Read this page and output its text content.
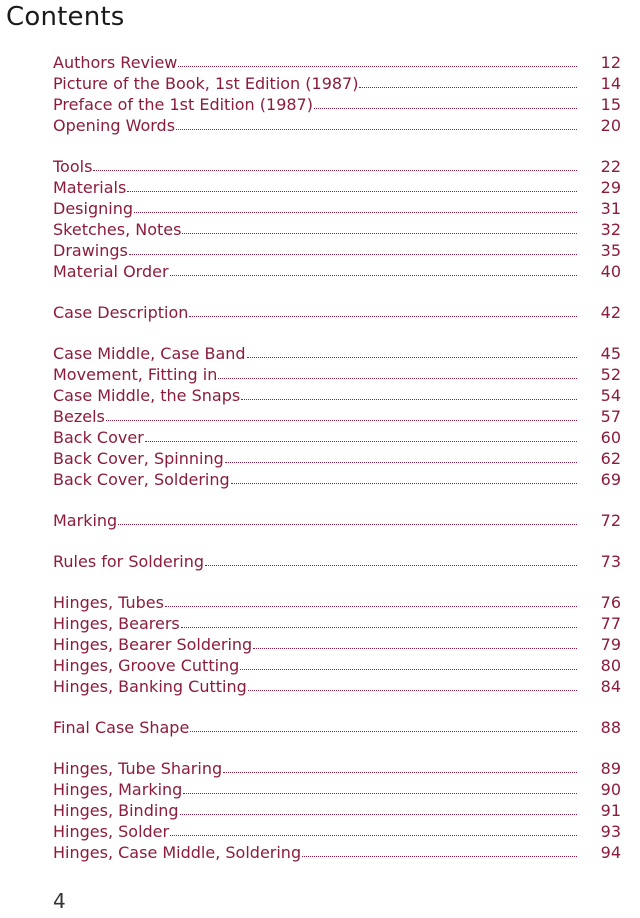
Contents
Authors Review	12
Picture of the Book, 1st Edition (1987)	14
Preface of the 1st Edition (1987)	15
Opening Words	20
Tools	22
Materials	29
Designing	31
Sketches, Notes	32
Drawings	35
Material Order	40
Case Description	42
Case Middle, Case Band	45
Movement, Fitting in	52
Case Middle, the Snaps	54
Bezels	57
Back Cover	60
Back Cover, Spinning	62
Back Cover, Soldering	69
Marking	72
Rules for Soldering	73
Hinges, Tubes	76
Hinges, Bearers	77
Hinges, Bearer Soldering	79
Hinges, Groove Cutting	80
Hinges, Banking Cutting	84
Final Case Shape	88
Hinges, Tube Sharing	89
Hinges, Marking	90
Hinges, Binding	91
Hinges, Solder	93
Hinges, Case Middle, Soldering	94
4
